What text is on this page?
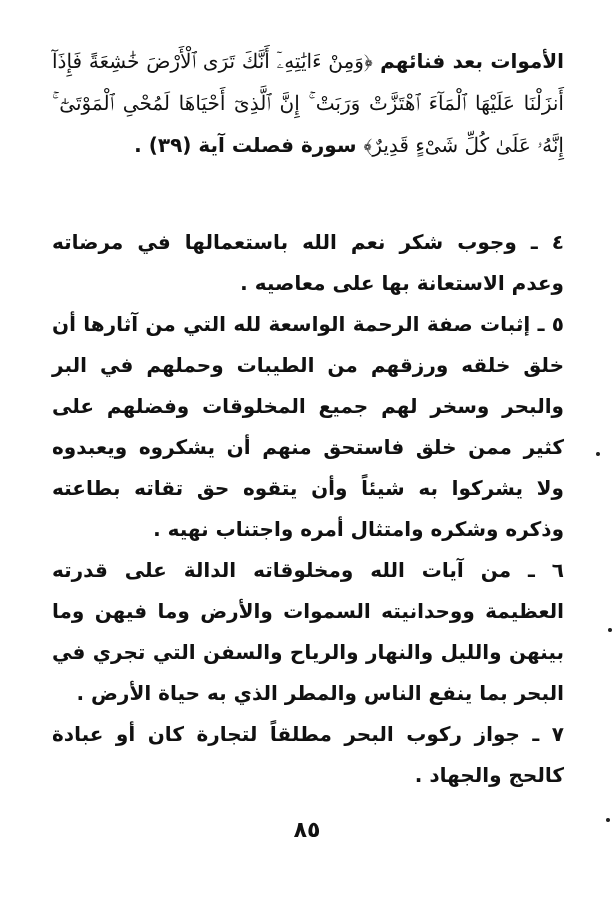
الأموات بعد فنائهم ﴿وَمِنْ ءَايَٰتِهِۦٓ أَنَّكَ تَرَى ٱلْأَرْضَ خَٰشِعَةً فَإِذَآ أَنزَلْنَا عَلَيْهَا ٱلْمَآءَ ٱهْتَزَّتْ وَرَبَتْ ۚ إِنَّ ٱلَّذِىٓ أَحْيَاهَا لَمُحْىِ ٱلْمَوْتَىٰٓ ۚ إِنَّهُۥ عَلَىٰ كُلِّ شَىْءٍ قَدِيرٌ﴾ سورة فصلت آية (٣٩) .

٤ ـ وجوب شكر نعم الله باستعمالها في مرضاته وعدم الاستعانة بها على معاصيه .

٥ ـ إثبات صفة الرحمة الواسعة لله التي من آثارها أن خلق خلقه ورزقهم من الطيبات وحملهم في البر والبحر وسخر لهم جميع المخلوقات وفضلهم على كثير ممن خلق فاستحق منهم أن يشكروه ويعبدوه ولا يشركوا به شيئاً وأن يتقوه حق تقاته بطاعته وذكره وشكره وامتثال أمره واجتناب نهيه .

٦ ـ من آيات الله ومخلوقاته الدالة على قدرته العظيمة ووحدانيته السموات والأرض وما فيهن وما بينهن والليل والنهار والرياح والسفن التي تجري في البحر بما ينفع الناس والمطر الذي به حياة الأرض .

٧ ـ جواز ركوب البحر مطلقاً لتجارة كان أو عبادة كالحج والجهاد .

٨٥
